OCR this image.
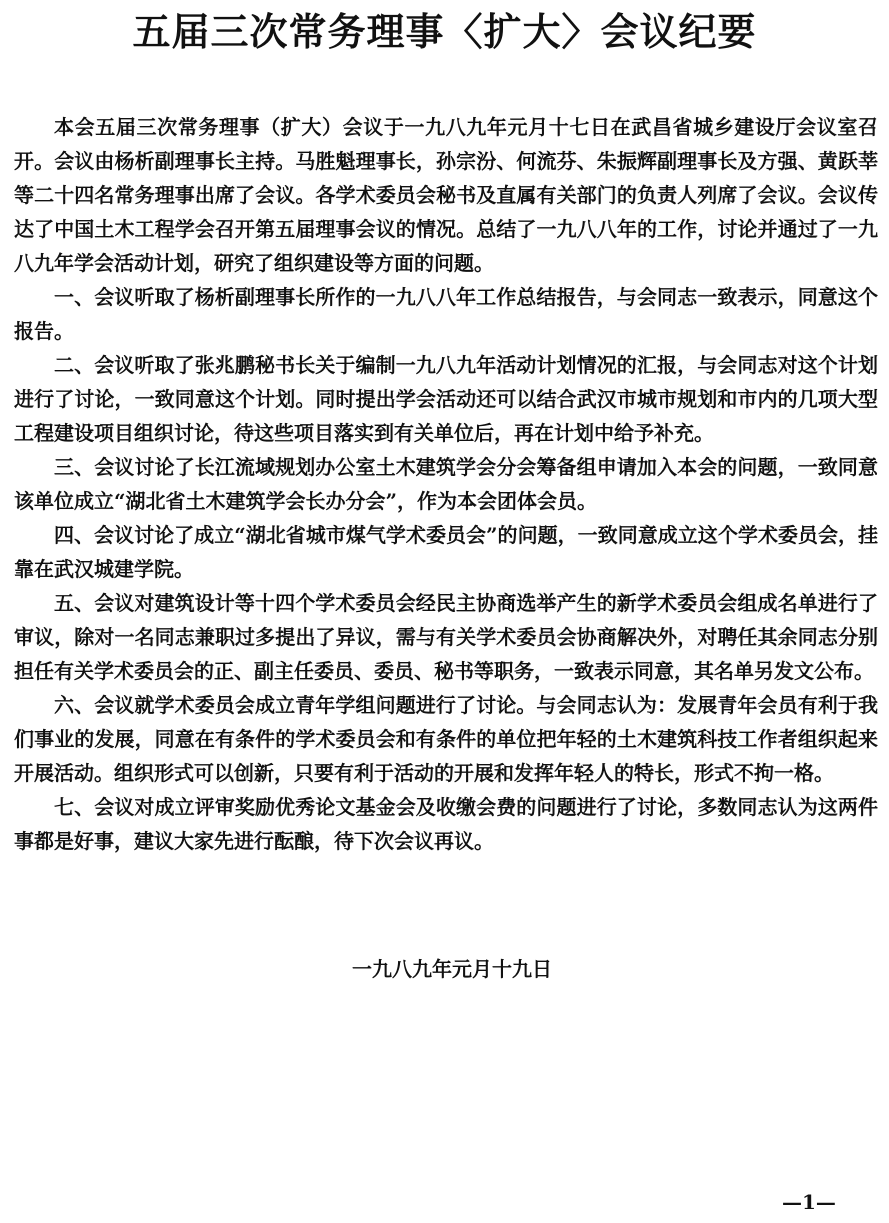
五届三次常务理事〈扩大〉会议纪要

本会五届三次常务理事（扩大）会议于一九八九年元月十七日在武昌省城乡建设厅会议室召开。会议由杨析副理事长主持。马胜魁理事长，孙宗汾、何流芬、朱振辉副理事长及方强、黄跃莘等二十四名常务理事出席了会议。各学术委员会秘书及直属有关部门的负责人列席了会议。会议传达了中国土木工程学会召开第五届理事会议的情况。总结了一九八八年的工作，讨论并通过了一九八九年学会活动计划，研究了组织建设等方面的问题。

一、会议听取了杨析副理事长所作的一九八八年工作总结报告，与会同志一致表示，同意这个报告。

二、会议听取了张兆鹏秘书长关于编制一九八九年活动计划情况的汇报，与会同志对这个计划进行了讨论，一致同意这个计划。同时提出学会活动还可以结合武汉市城市规划和市内的几项大型工程建设项目组织讨论，待这些项目落实到有关单位后，再在计划中给予补充。

三、会议讨论了长江流域规划办公室土木建筑学会分会筹备组申请加入本会的问题，一致同意该单位成立“湖北省土木建筑学会长办分会”，作为本会团体会员。

四、会议讨论了成立“湖北省城市煤气学术委员会”的问题，一致同意成立这个学术委员会，挂靠在武汉城建学院。

五、会议对建筑设计等十四个学术委员会经民主协商选举产生的新学术委员会组成名单进行了审议，除对一名同志兼职过多提出了异议，需与有关学术委员会协商解决外，对聘任其余同志分别担任有关学术委员会的正、副主任委员、委员、秘书等职务，一致表示同意，其名单另发文公布。

六、会议就学术委员会成立青年学组问题进行了讨论。与会同志认为：发展青年会员有利于我们事业的发展，同意在有条件的学术委员会和有条件的单位把年轻的土木建筑科技工作者组织起来开展活动。组织形式可以创新，只要有利于活动的开展和发挥年轻人的特长，形式不拘一格。

七、会议对成立评审奖励优秀论文基金会及收缴会费的问题进行了讨论，多数同志认为这两件事都是好事，建议大家先进行酝酿，待下次会议再议。

一九八九年元月十九日
—1—
